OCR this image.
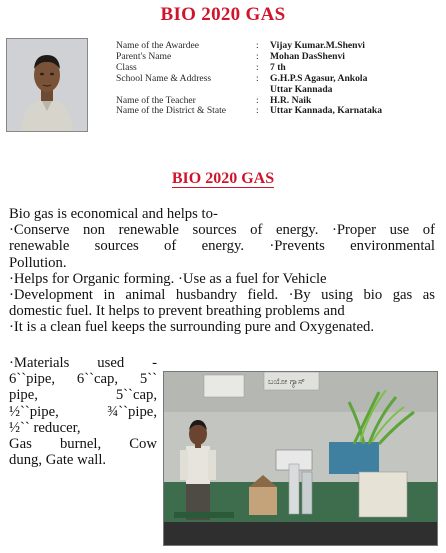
BIO 2020 GAS
Name of the Awardee	:	Vijay Kumar.M.Shenvi
Parent's Name	:	Mohan DasShenvi
Class	:	7 th
School Name & Address	:	G.H.P.S Agasur, Ankola
Uttar Kannada
Name of the Teacher	:	H.R. Naik
Name of the District & State	:	Uttar Kannada, Karnataka
BIO 2020 GAS

Bio gas is economical and helps to-

·Conserve non renewable sources of energy. ·Proper use of

renewable sources of energy. ·Prevents environmental

Pollution.

·Helps for Organic forming. ·Use as a fuel for Vehicle

·Development in animal husbandry field. ·By using bio gas as

domestic fuel. It helps to prevent breathing problems and

·It is a clean fuel keeps the surrounding pure and Oxygenated.

·Materials used -

6``pipe, 6``cap, 5``

pipe, 5``cap,

½``pipe, ¾``pipe,

½`` reducer,

Gas burnel, Cow

dung, Gate wall.

ಬಯೋ ಗ್ಯಾಸ್
